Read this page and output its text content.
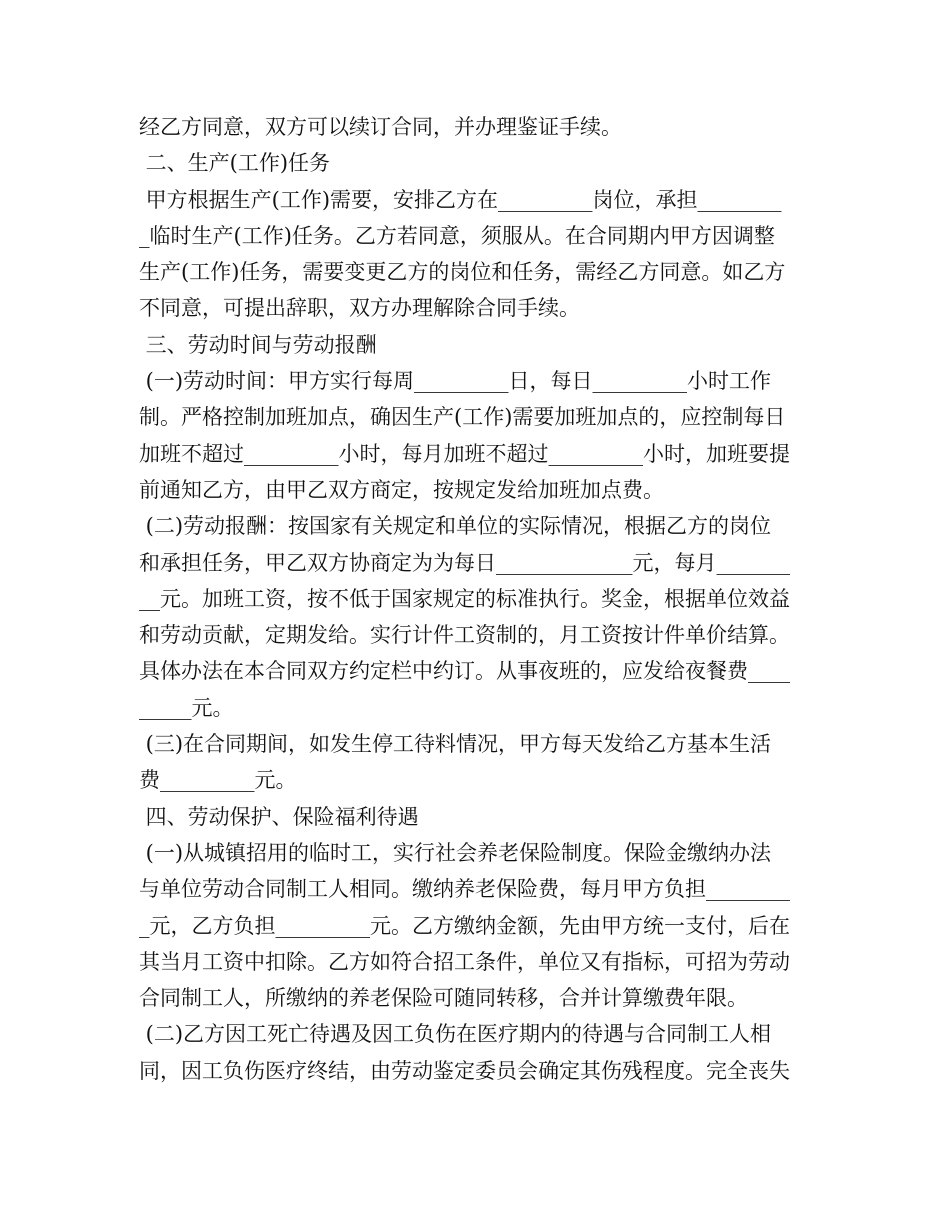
经乙方同意，双方可以续订合同，并办理鉴证手续。
二、生产(工作)任务
甲方根据生产(工作)需要，安排乙方在_________岗位，承担________
_临时生产(工作)任务。乙方若同意，须服从。在合同期内甲方因调整
生产(工作)任务，需要变更乙方的岗位和任务，需经乙方同意。如乙方
不同意，可提出辞职，双方办理解除合同手续。
三、劳动时间与劳动报酬
(一)劳动时间：甲方实行每周_________日，每日_________小时工作
制。严格控制加班加点，确因生产(工作)需要加班加点的，应控制每日
加班不超过_________小时，每月加班不超过_________小时，加班要提
前通知乙方，由甲乙双方商定，按规定发给加班加点费。
(二)劳动报酬：按国家有关规定和单位的实际情况，根据乙方的岗位
和承担任务，甲乙双方协商定为为每日_____________元，每月_______
__元。加班工资，按不低于国家规定的标准执行。奖金，根据单位效益
和劳动贡献，定期发给。实行计件工资制的，月工资按计件单价结算。
具体办法在本合同双方约定栏中约订。从事夜班的，应发给夜餐费____
_____元。
(三)在合同期间，如发生停工待料情况，甲方每天发给乙方基本生活
费_________元。
四、劳动保护、保险福利待遇
(一)从城镇招用的临时工，实行社会养老保险制度。保险金缴纳办法
与单位劳动合同制工人相同。缴纳养老保险费，每月甲方负担________
_元，乙方负担_________元。乙方缴纳金额，先由甲方统一支付，后在
其当月工资中扣除。乙方如符合招工条件，单位又有指标，可招为劳动
合同制工人，所缴纳的养老保险可随同转移，合并计算缴费年限。
(二)乙方因工死亡待遇及因工负伤在医疗期内的待遇与合同制工人相
同，因工负伤医疗终结，由劳动鉴定委员会确定其伤残程度。完全丧失
